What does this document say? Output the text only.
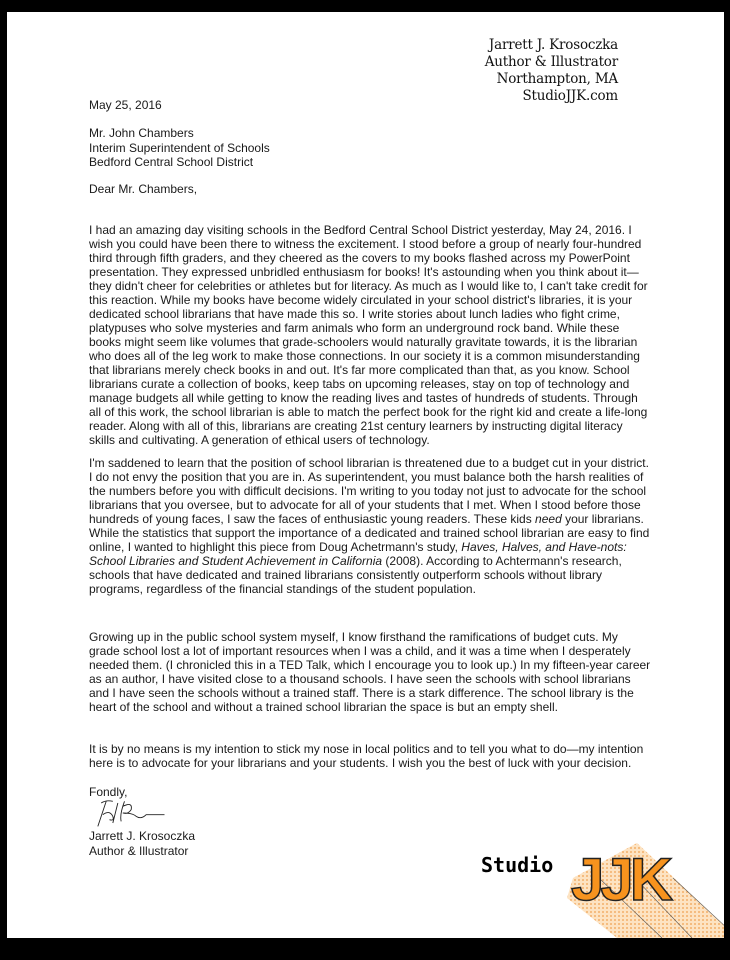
Jarrett J. Krosoczka
Author & Illustrator
Northampton, MA
StudioJJK.com
May 25, 2016
Mr. John Chambers
Interim Superintendent of Schools
Bedford Central School District
Dear Mr. Chambers,
I had an amazing day visiting schools in the Bedford Central School District yesterday, May 24, 2016. I
wish you could have been there to witness the excitement. I stood before a group of nearly four-hundred
third through fifth graders, and they cheered as the covers to my books flashed across my PowerPoint
presentation. They expressed unbridled enthusiasm for books! It's astounding when you think about it—
they didn't cheer for celebrities or athletes but for literacy. As much as I would like to, I can't take credit for
this reaction. While my books have become widely circulated in your school district's libraries, it is your
dedicated school librarians that have made this so. I write stories about lunch ladies who fight crime,
platypuses who solve mysteries and farm animals who form an underground rock band. While these
books might seem like volumes that grade-schoolers would naturally gravitate towards, it is the librarian
who does all of the leg work to make those connections. In our society it is a common misunderstanding
that librarians merely check books in and out. It's far more complicated than that, as you know. School
librarians curate a collection of books, keep tabs on upcoming releases, stay on top of technology and
manage budgets all while getting to know the reading lives and tastes of hundreds of students. Through
all of this work, the school librarian is able to match the perfect book for the right kid and create a life-long
reader. Along with all of this, librarians are creating 21st century learners by instructing digital literacy
skills and cultivating. A generation of ethical users of technology.
I'm saddened to learn that the position of school librarian is threatened due to a budget cut in your district.
I do not envy the position that you are in. As superintendent, you must balance both the harsh realities of
the numbers before you with difficult decisions. I'm writing to you today not just to advocate for the school
librarians that you oversee, but to advocate for all of your students that I met. When I stood before those
hundreds of young faces, I saw the faces of enthusiastic young readers. These kids need your librarians.
While the statistics that support the importance of a dedicated and trained school librarian are easy to find
online, I wanted to highlight this piece from Doug Achetrmann's study, Haves, Halves, and Have-nots:
School Libraries and Student Achievement in California (2008). According to Achtermann's research,
schools that have dedicated and trained librarians consistently outperform schools without library
programs, regardless of the financial standings of the student population.
Growing up in the public school system myself, I know firsthand the ramifications of budget cuts. My
grade school lost a lot of important resources when I was a child, and it was a time when I desperately
needed them. (I chronicled this in a TED Talk, which I encourage you to look up.) In my fifteen-year career
as an author, I have visited close to a thousand schools. I have seen the schools with school librarians
and I have seen the schools without a trained staff. There is a stark difference. The school library is the
heart of the school and without a trained school librarian the space is but an empty shell.
It is by no means is my intention to stick my nose in local politics and to tell you what to do—my intention
here is to advocate for your librarians and your students. I wish you the best of luck with your decision.
Fondly,
Jarrett J. Krosoczka
Author & Illustrator
Studio JJK
